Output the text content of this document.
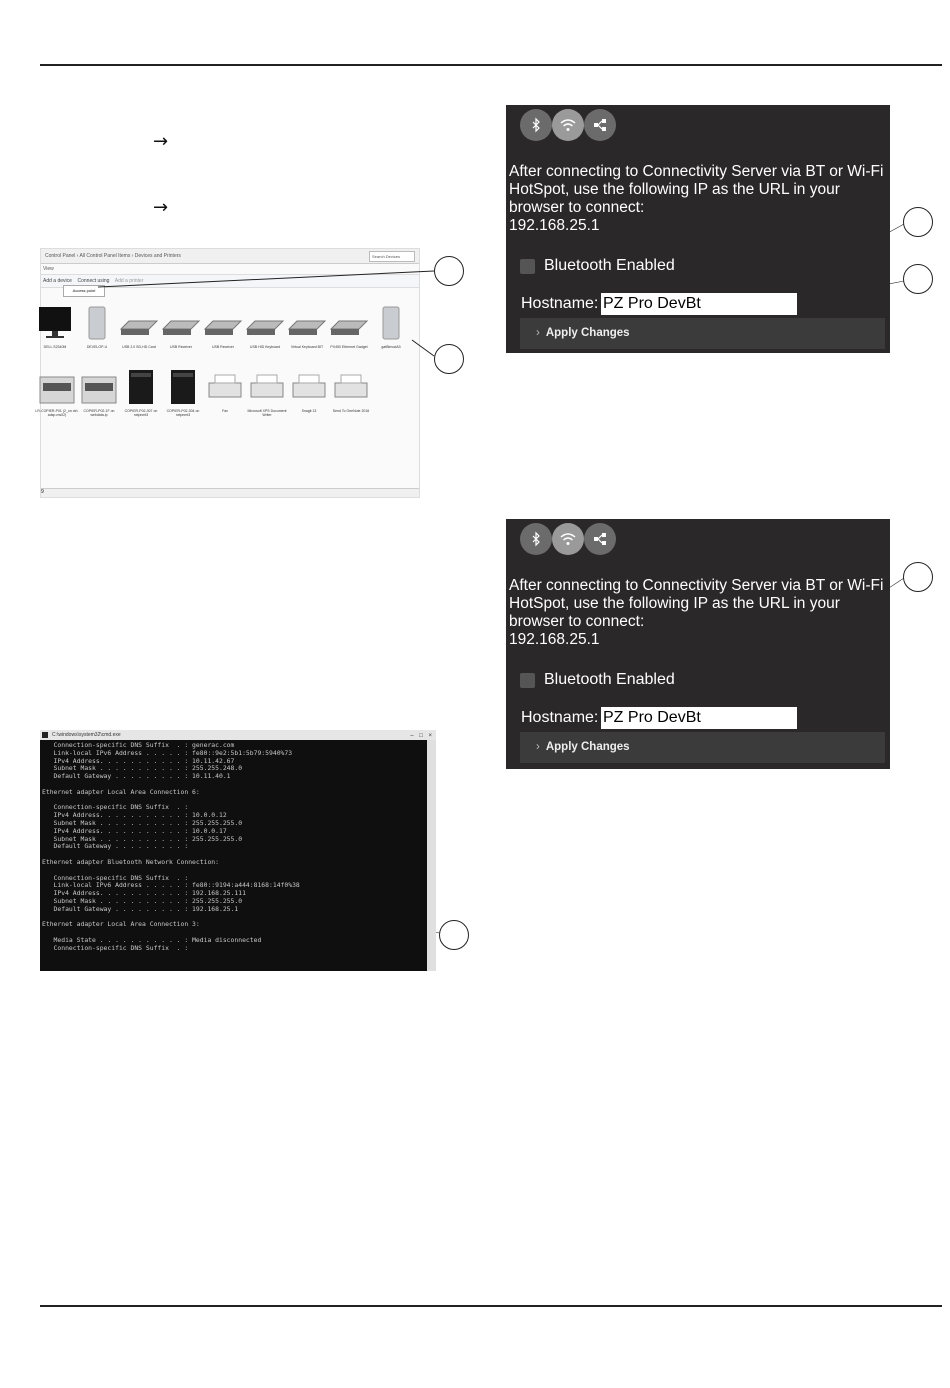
→
→
Control Panel › All Control Panel Items › Devices and Printers	Search Devices
View
Add a device Connect using Add a printer
Access point
DELL S2340M	DEVELOP-U	USB 2.0 SD-HD Card	USB Receiver	USB Receiver	USB HID Keyboard	Virtual Keyboard BIT	PX450 Ethernet Gadget	gatBtmodA3
LR-COPIER-P01 (2_on ctrl-adsp-ms02)
COPIER-P02-1F on webdata-ip
COPIER-P02-307 on nxtpnmt3
COPIER-P02-304 on nxtpnmt3
Fax	Microsoft XPS Document Writer
Snagit 13	Send To OneNote 2016
9
After connecting to Connectivity Server via BT or Wi-Fi HotSpot, use the following IP as the URL in your browser to connect:
192.168.25.1
Bluetooth Enabled
Hostname: PZ Pro DevBt
› Apply Changes
After connecting to Connectivity Server via BT or Wi-Fi HotSpot, use the following IP as the URL in your browser to connect:
192.168.25.1
Bluetooth Enabled
Hostname: PZ Pro DevBt
› Apply Changes
C:\windows\system32\cmd.exe	– □ ×
Connection-specific DNS Suffix  . : generac.com
Link-local IPv6 Address . . . . . : fe80::9e2:5b1:5b79:5940%73
IPv4 Address. . . . . . . . . . . : 10.11.42.67
Subnet Mask . . . . . . . . . . . : 255.255.248.0
Default Gateway . . . . . . . . . : 10.11.40.1

Ethernet adapter Local Area Connection 6:

Connection-specific DNS Suffix  . :
IPv4 Address. . . . . . . . . . . : 10.0.0.12
Subnet Mask . . . . . . . . . . . : 255.255.255.0
IPv4 Address. . . . . . . . . . . : 10.0.0.17
Subnet Mask . . . . . . . . . . . : 255.255.255.0
Default Gateway . . . . . . . . . :

Ethernet adapter Bluetooth Network Connection:

Connection-specific DNS Suffix  . :
Link-local IPv6 Address . . . . . : fe80::9194:a444:8168:14f0%38
IPv4 Address. . . . . . . . . . . : 192.168.25.111
Subnet Mask . . . . . . . . . . . : 255.255.255.0
Default Gateway . . . . . . . . . : 192.168.25.1

Ethernet adapter Local Area Connection 3:

Media State . . . . . . . . . . . : Media disconnected
Connection-specific DNS Suffix  . :
